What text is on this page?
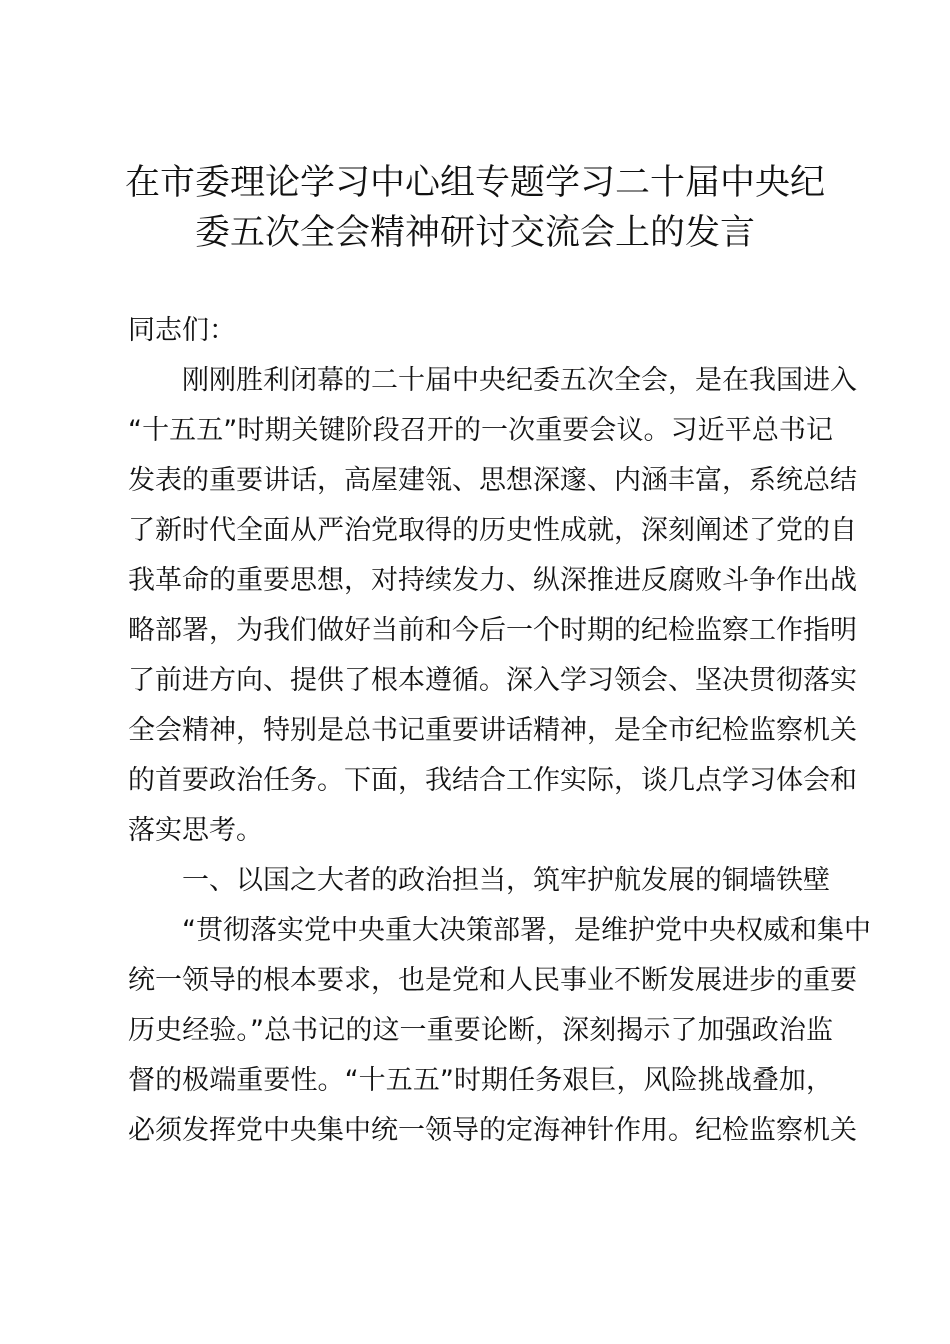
在市委理论学习中心组专题学习二十届中央纪
委五次全会精神研讨交流会上的发言
同志们：
刚刚胜利闭幕的二十届中央纪委五次全会，是在我国进入
“十五五”时期关键阶段召开的一次重要会议。习近平总书记
发表的重要讲话，高屋建瓴、思想深邃、内涵丰富，系统总结
了新时代全面从严治党取得的历史性成就，深刻阐述了党的自
我革命的重要思想，对持续发力、纵深推进反腐败斗争作出战
略部署，为我们做好当前和今后一个时期的纪检监察工作指明
了前进方向、提供了根本遵循。深入学习领会、坚决贯彻落实
全会精神，特别是总书记重要讲话精神，是全市纪检监察机关
的首要政治任务。下面，我结合工作实际，谈几点学习体会和
落实思考。
一、以国之大者的政治担当，筑牢护航发展的铜墙铁壁
“贯彻落实党中央重大决策部署，是维护党中央权威和集中
统一领导的根本要求，也是党和人民事业不断发展进步的重要
历史经验。”总书记的这一重要论断，深刻揭示了加强政治监
督的极端重要性。“十五五”时期任务艰巨，风险挑战叠加，
必须发挥党中央集中统一领导的定海神针作用。纪检监察机关
